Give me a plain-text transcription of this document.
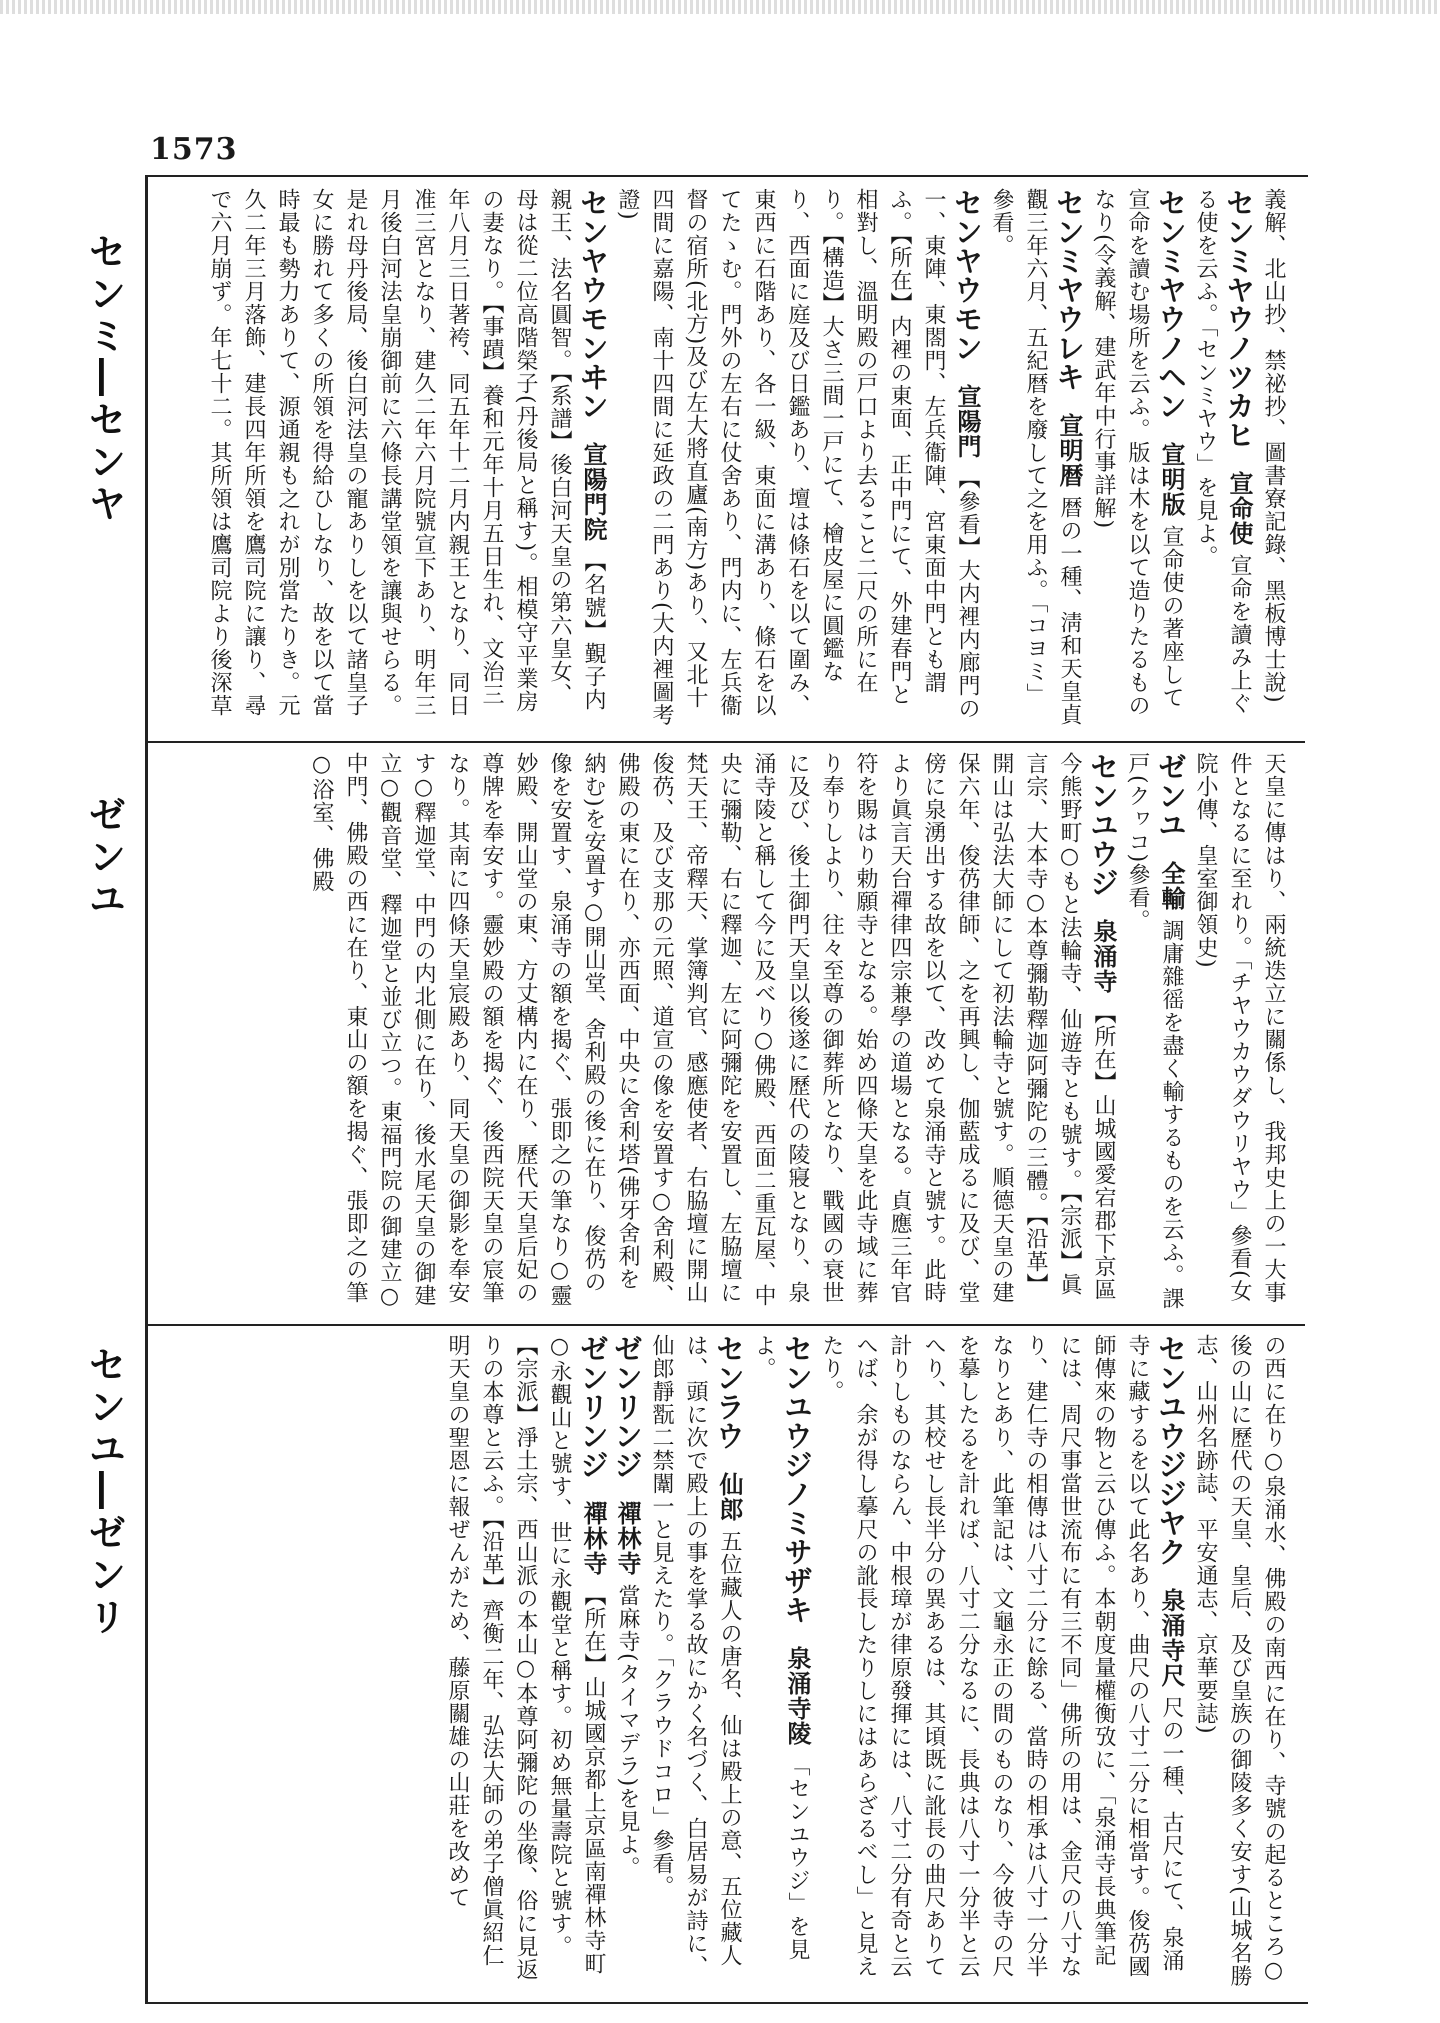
1573
センミ―センヤ
ゼンユ
センユ―ゼンリ
義解、北山抄、禁祕抄、圖書寮記錄、黑板博士說)
センミヤウノツカヒ宣命使宣命を讀み上ぐる使を云ふ。「センミヤウ」を見よ。
センミヤウノヘン宣明版宣命使の著座して宣命を讀む場所を云ふ。版は木を以て造りたるものなり(令義解、建武年中行事詳解)
センミヤウレキ宣明暦暦の一種、淸和天皇貞觀三年六月、五紀暦を廢して之を用ふ。「コヨミ」參看。
センヤウモン宣陽門【參看】大内裡内廊門の一、東陣、東閤門、左兵衞陣、宮東面中門とも謂ふ。【所在】内裡の東面、正中門にて、外建春門と相對し、溫明殿の戸口より去ること二尺の所に在り。【構造】大さ三間一戸にて、檜皮屋に圓鑑なり、西面に庭及び日鑑あり、壇は條石を以て圍み、東西に石階あり、各一級、東面に溝あり、條石を以てたゝむ。門外の左右に仗舍あり、門内に、左兵衞督の宿所(北方)及び左大將直廬(南方)あり、又北十四間に嘉陽、南十四間に延政の二門あり(大内裡圖考證)
センヤウモンヰン宣陽門院【名號】覲子内親王、法名圓智。【系譜】後白河天皇の第六皇女、母は從二位高階榮子(丹後局と稱す)。相模守平業房の妻なり。【事蹟】養和元年十月五日生れ、文治三年八月三日著袴、同五年十二月内親王となり、同日准三宮となり、建久二年六月院號宣下あり、明年三月後白河法皇崩御前に六條長講堂領を讓與せらる。是れ母丹後局、後白河法皇の寵ありしを以て諸皇子女に勝れて多くの所領を得給ひしなり、故を以て當時最も勢力ありて、源通親も之れが別當たりき。元久二年三月落飾、建長四年所領を鷹司院に讓り、尋で六月崩ず。年七十二。其所領は鷹司院より後深草
天皇に傳はり、兩統迭立に關係し、我邦史上の一大事件となるに至れり。「チヤウカウダウリヤウ」參看(女院小傳、皇室御領史)
ゼンユ全輸調庸雜徭を盡く輸するものを云ふ。課戸(クヮコ)參看。
センユウジ泉涌寺【所在】山城國愛宕郡下京區今熊野町○もと法輪寺、仙遊寺とも號す。【宗派】眞言宗、大本寺○本尊彌勒釋迦阿彌陀の三體。【沿革】開山は弘法大師にして初法輪寺と號す。順德天皇の建保六年、俊芿律師、之を再興し、伽藍成るに及び、堂傍に泉湧出する故を以て、改めて泉涌寺と號す。此時より眞言天台禪律四宗兼學の道場となる。貞應三年官符を賜はり勅願寺となる。始め四條天皇を此寺域に葬り奉りしより、往々至尊の御葬所となり、戰國の衰世に及び、後土御門天皇以後遂に歷代の陵寢となり、泉涌寺陵と稱して今に及べり○佛殿、西面二重瓦屋、中央に彌勒、右に釋迦、左に阿彌陀を安置し、左脇壇に梵天王、帝釋天、掌簿判官、感應使者、右脇壇に開山俊芿、及び支那の元照、道宣の像を安置す○舍利殿、佛殿の東に在り、亦西面、中央に舍利塔(佛牙舍利を納む)を安置す○開山堂、舍利殿の後に在り、俊芿の像を安置す、泉涌寺の額を揭ぐ、張即之の筆なり○靈妙殿、開山堂の東、方丈構内に在り、歷代天皇后妃の尊牌を奉安す。靈妙殿の額を揭ぐ、後西院天皇の宸筆なり。其南に四條天皇宸殿あり、同天皇の御影を奉安す○釋迦堂、中門の内北側に在り、後水尾天皇の御建立○觀音堂、釋迦堂と並び立つ。東福門院の御建立○中門、佛殿の西に在り、東山の額を揭ぐ、張即之の筆○浴室、佛殿
の西に在り○泉涌水、佛殿の南西に在り、寺號の起るところ○後の山に歷代の天皇、皇后、及び皇族の御陵多く安す(山城名勝志、山州名跡誌、平安通志、京華要誌)
センユウジジヤク泉涌寺尺尺の一種、古尺にて、泉涌寺に藏するを以て此名あり、曲尺の八寸二分に相當す。俊芿國師傳來の物と云ひ傳ふ。本朝度量權衡攷に、「泉涌寺長典筆記には、周尺事當世流布に有三不同」佛所の用は、金尺の八寸なり、建仁寺の相傳は八寸二分に餘る、當時の相承は八寸一分半なりとあり、此筆記は、文龜永正の間のものなり、今彼寺の尺を摹したるを計れば、八寸二分なるに、長典は八寸一分半と云へり、其校せし長半分の異あるは、其頃既に訛長の曲尺ありて計りしものならん、中根璋が律原發揮には、八寸二分有奇と云へば、余が得し摹尺の訛長したりしにはあらざるべし」と見えたり。
センユウジノミサザキ泉涌寺陵「センユウジ」を見よ。
センラウ仙郎五位藏人の唐名、仙は殿上の意、五位藏人は、頭に次で殿上の事を掌る故にかく名づく、白居易が詩に、仙郎靜翫二禁闈一と見えたり。「クラウドコロ」參看。
ゼンリンジ禪林寺當麻寺(タイマデラ)を見よ。
ゼンリンジ禪林寺【所在】山城國京都上京區南禪林寺町○永觀山と號す、世に永觀堂と稱す。初め無量壽院と號す。【宗派】淨土宗、西山派の本山○本尊阿彌陀の坐像、俗に見返りの本尊と云ふ。【沿革】齊衡二年、弘法大師の弟子僧眞紹仁明天皇の聖恩に報ぜんがため、藤原關雄の山莊を改めて
